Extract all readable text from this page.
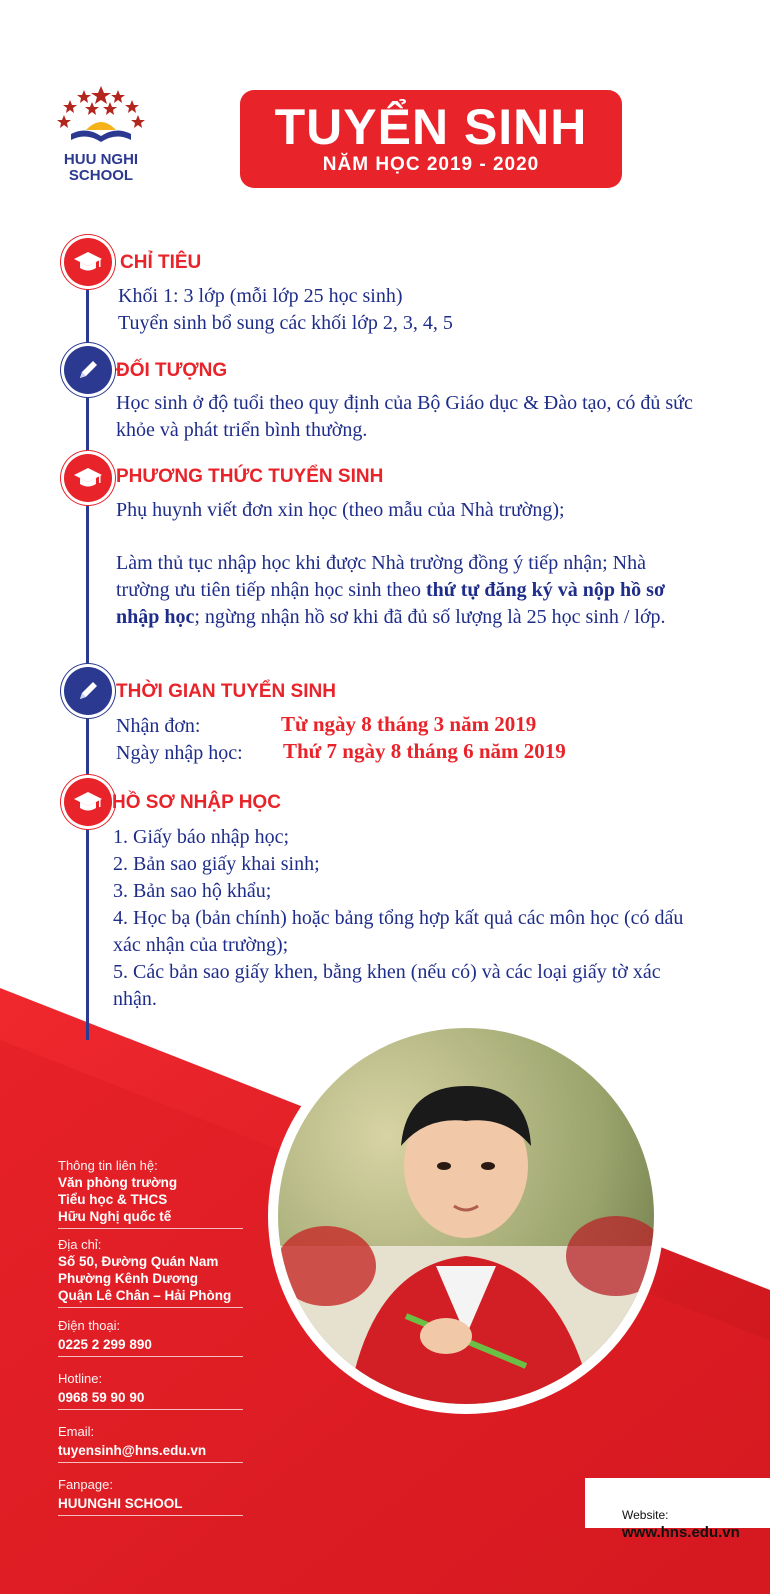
HUU NGHI
SCHOOL
TUYỂN SINH
NĂM HỌC 2019 - 2020
CHỈ TIÊU
Khối 1: 3 lớp (mỗi lớp 25 học sinh)
Tuyển sinh bổ sung các khối lớp 2, 3, 4, 5
ĐỐI TƯỢNG
Học sinh ở độ tuổi theo quy định của Bộ Giáo dục & Đào tạo, có đủ sức khỏe và phát triển bình thường.
PHƯƠNG THỨC TUYỂN SINH
Phụ huynh viết đơn xin học (theo mẫu của Nhà trường);
Làm thủ tục nhập học khi được Nhà trường đồng ý tiếp nhận; Nhà trường ưu tiên tiếp nhận học sinh theo thứ tự đăng ký và nộp hồ sơ nhập học; ngừng nhận hồ sơ khi đã đủ số lượng là 25 học sinh / lớp.
THỜI GIAN TUYỂN SINH
Nhận đơn:	Từ ngày 8 tháng 3 năm 2019
Ngày nhập học: Thứ 7 ngày 8 tháng 6 năm 2019
HỒ SƠ NHẬP HỌC
1. Giấy báo nhập học;
2. Bản sao giấy khai sinh;
3. Bản sao hộ khẩu;
4. Học bạ (bản chính) hoặc bảng tổng hợp kất quả các môn học (có dấu xác nhận của trường);
5. Các bản sao giấy khen, bằng khen (nếu có) và các loại giấy tờ xác nhận.
Thông tin liên hệ:
Văn phòng trường
Tiểu học & THCS
Hữu Nghị quốc tế
Địa chỉ:
Số 50, Đường Quán Nam
Phường Kênh Dương
Quận Lê Chân – Hải Phòng
Điện thoại:
0225 2 299 890
Hotline:
0968 59 90 90
Email:
tuyensinh@hns.edu.vn
Fanpage:
HUUNGHI SCHOOL
Website:
www.hns.edu.vn
